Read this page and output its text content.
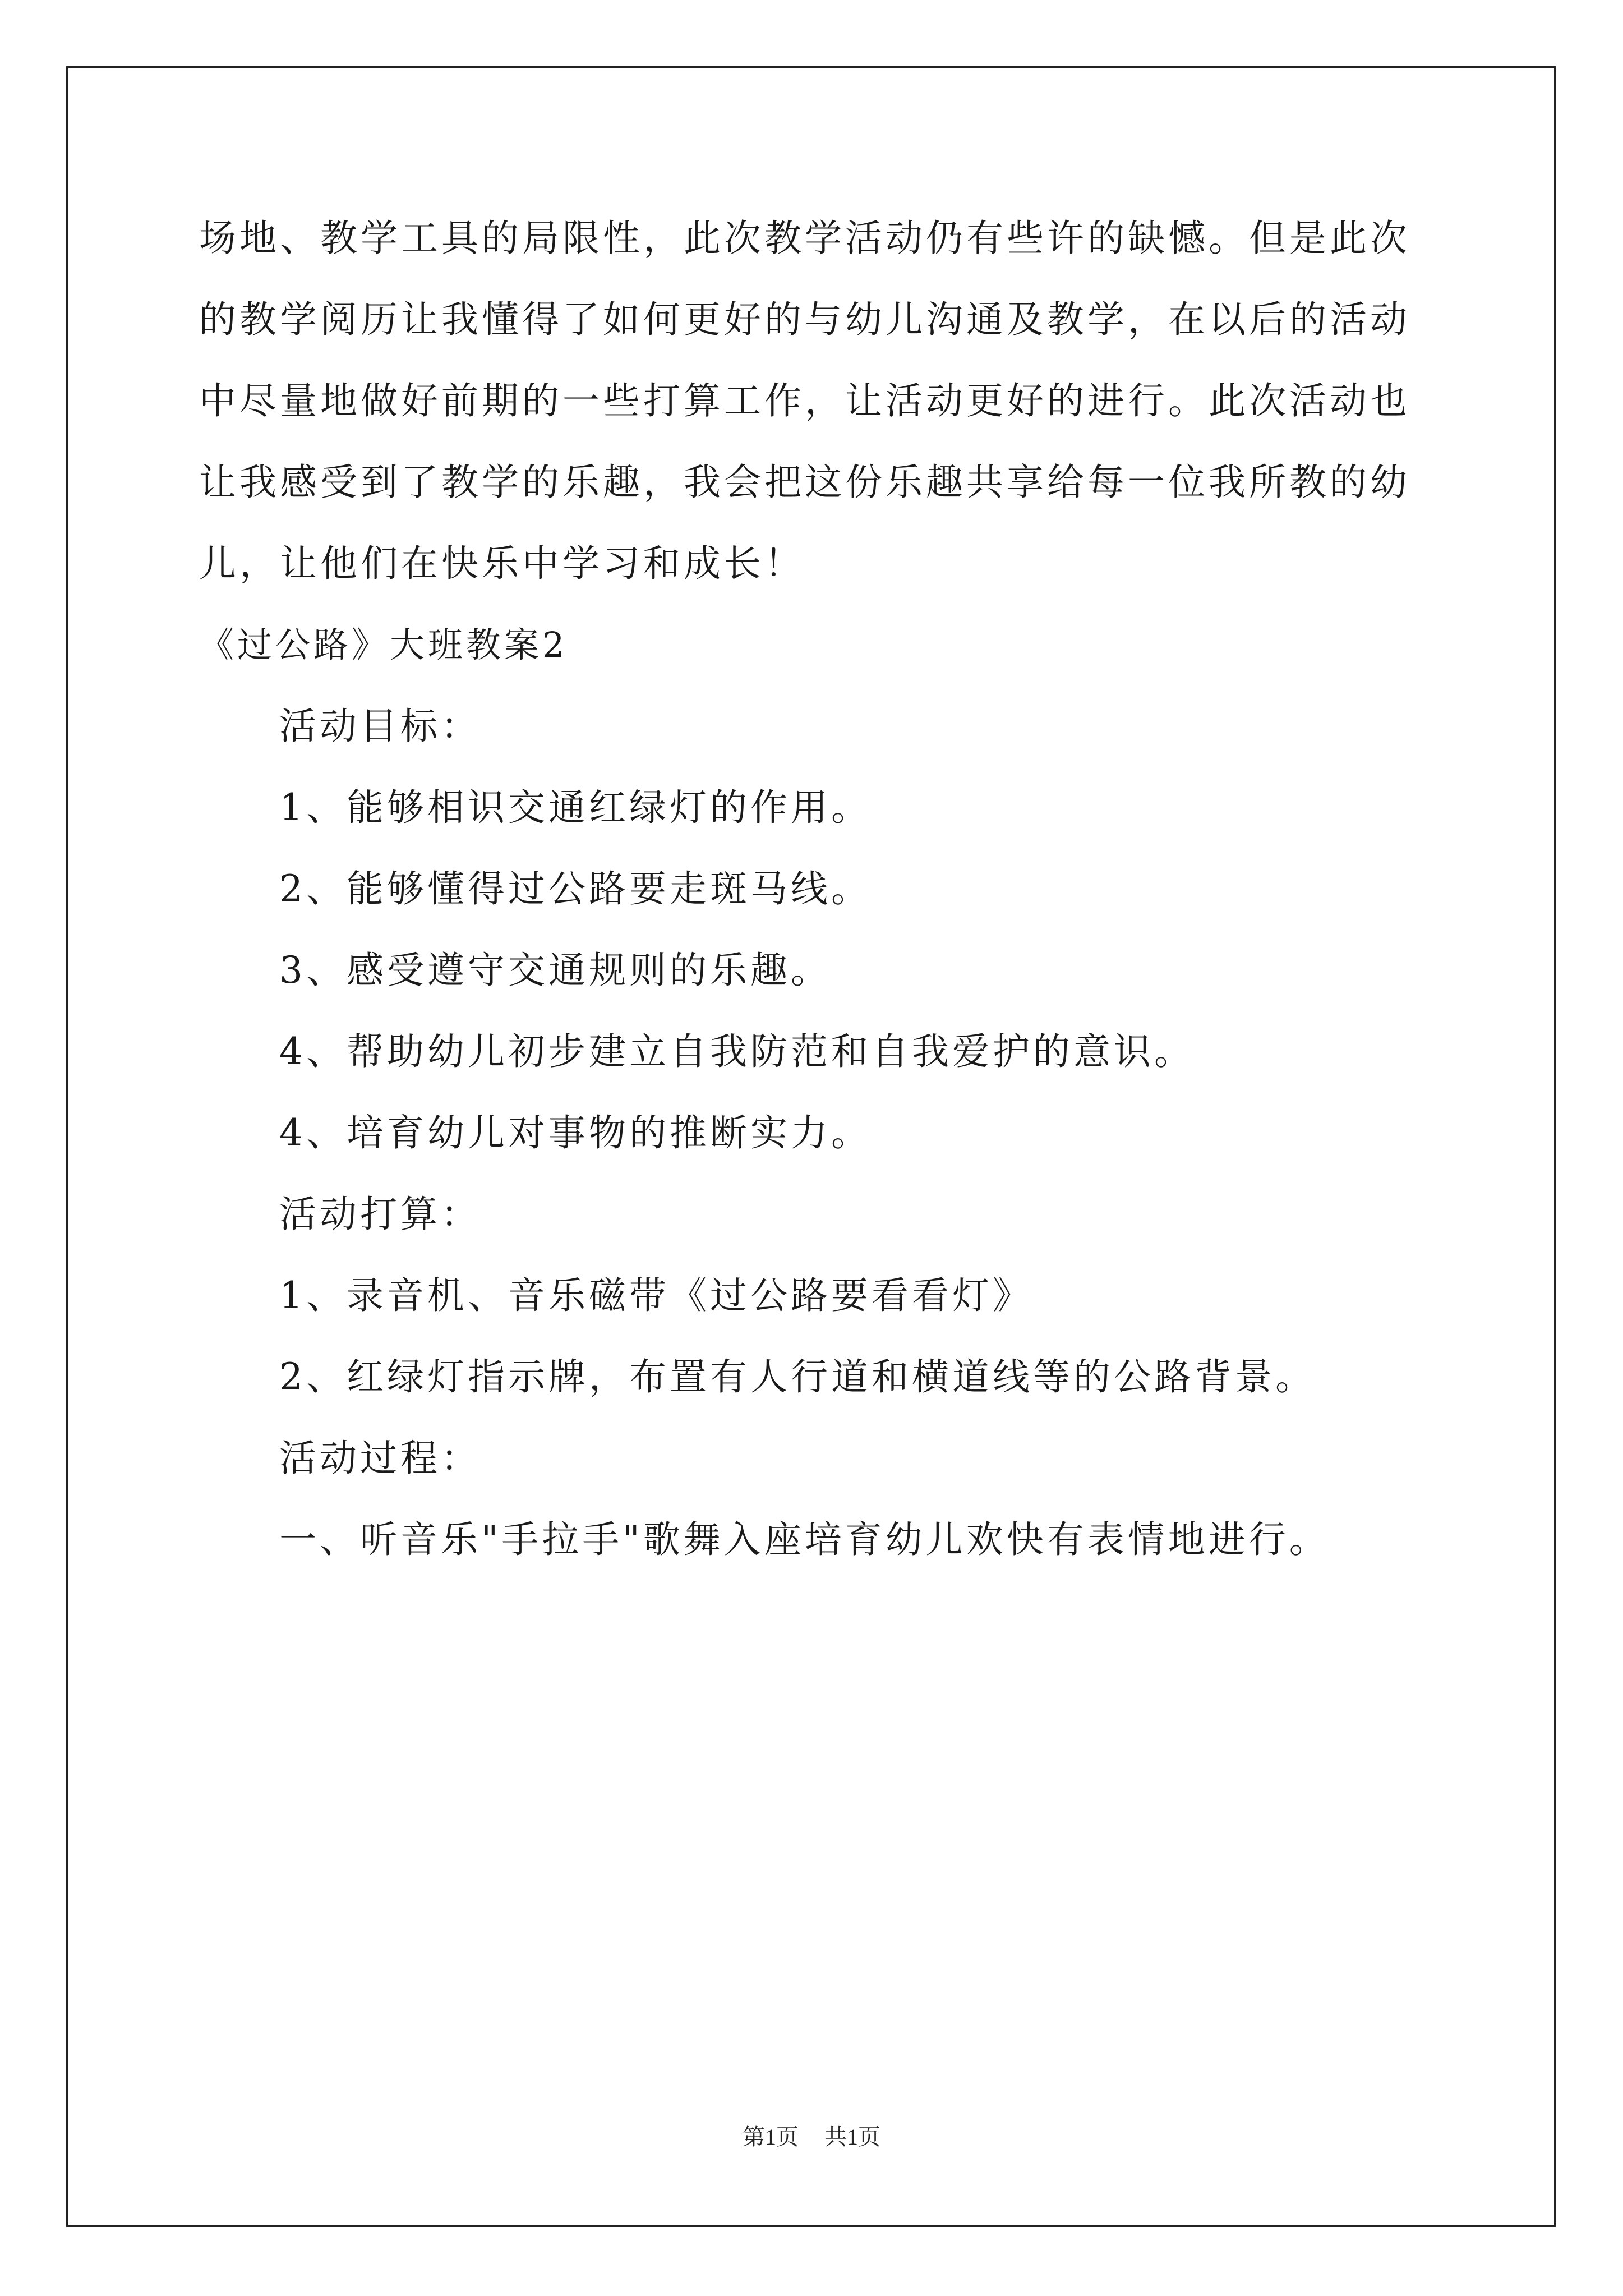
场地、教学工具的局限性，此次教学活动仍有些许的缺憾。但是此次
的教学阅历让我懂得了如何更好的与幼儿沟通及教学，在以后的活动
中尽量地做好前期的一些打算工作，让活动更好的进行。此次活动也
让我感受到了教学的乐趣，我会把这份乐趣共享给每一位我所教的幼
儿，让他们在快乐中学习和成长！
《过公路》大班教案2
活动目标：
1、能够相识交通红绿灯的作用。
2、能够懂得过公路要走斑马线。
3、感受遵守交通规则的乐趣。
4、帮助幼儿初步建立自我防范和自我爱护的意识。
4、培育幼儿对事物的推断实力。
活动打算：
1、录音机、音乐磁带《过公路要看看灯》
2、红绿灯指示牌，布置有人行道和横道线等的公路背景。
活动过程：
一、听音乐"手拉手"歌舞入座培育幼儿欢快有表情地进行。
第1页 共1页
